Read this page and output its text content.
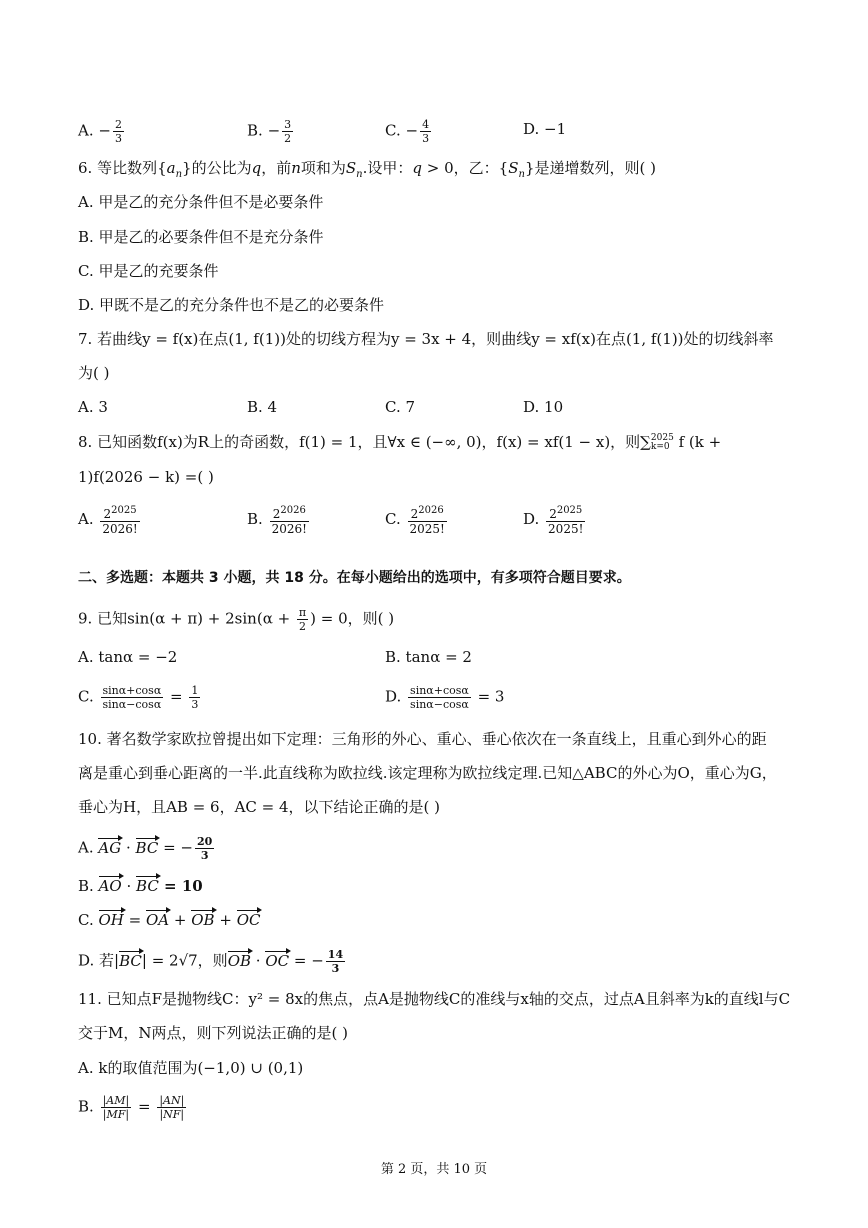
A. − $\frac{2}{3}$	B. − $\frac{3}{2}$	C. − $\frac{4}{3}$	D. −1
6. 等比数列$\{a_n\}$的公比为q，前n项和为$S_n$.设甲：q > 0，乙：$\{S_n\}$是递增数列，则( )
A. 甲是乙的充分条件但不是必要条件
B. 甲是乙的必要条件但不是充分条件
C. 甲是乙的充要条件
D. 甲既不是乙的充分条件也不是乙的必要条件
7. 若曲线y = f(x)在点(1, f(1))处的切线方程为y = 3x + 4，则曲线y = xf(x)在点(1, f(1))处的切线斜率
为( )
A. 3	B. 4	C. 7	D. 10
8. 已知函数f(x)为R上的奇函数，f(1) = 1，且∀x ∈ (−∞, 0)，f(x) = xf(1 − x)，则∑ 2025
k=0 f (k +
1)f(2026 − k) =( )
A. $\frac{2^{2025}}{2026!}$	B. $\frac{2^{2026}}{2026!}$	C. $\frac{2^{2026}}{2025!}$	D. $\frac{2^{2025}}{2025!}$
二、多选题：本题共 3 小题，共 18 分。在每小题给出的选项中，有多项符合题目要求。
9. 已知$\sin(\alpha + \pi) + 2\sin(\alpha + \frac{\pi}{2}$ ) = 0，则( )
A. tanα = −2	B. tanα = 2
C. $\frac{\sin\alpha+\cos\alpha}{\sin\alpha-\cos\alpha} = \frac{1}{3}$	D. $\frac{\sin\alpha+\cos\alpha}{\sin\alpha-\cos\alpha} = 3$
10. 著名数学家欧拉曾提出如下定理：三角形的外心、重心、垂心依次在一条直线上，且重心到外心的距
离是重心到垂心距离的一半.此直线称为欧拉线.该定理称为欧拉线定理.已知△ABC的外心为O，重心为G，
垂心为H，且AB = 6，AC = 4，以下结论正确的是( )
A. AG · BC = − $\frac{20}{3}$
B. AO · BC = 10
C. OH = OA + OB + OC
D. 若|BC| = 2√7，则OB · OC = − $\frac{14}{3}$
11. 已知点F是抛物线C：y² = 8x的焦点，点A是抛物线C的准线与x轴的交点，过点A且斜率为k的直线l与C
交于M，N两点，则下列说法正确的是( )
A. k的取值范围为(−1,0) ∪ (0,1)
B. $\frac{|AM|}{|MF|} = \frac{|AN|}{|NF|}$
第 2 页，共 10 页
